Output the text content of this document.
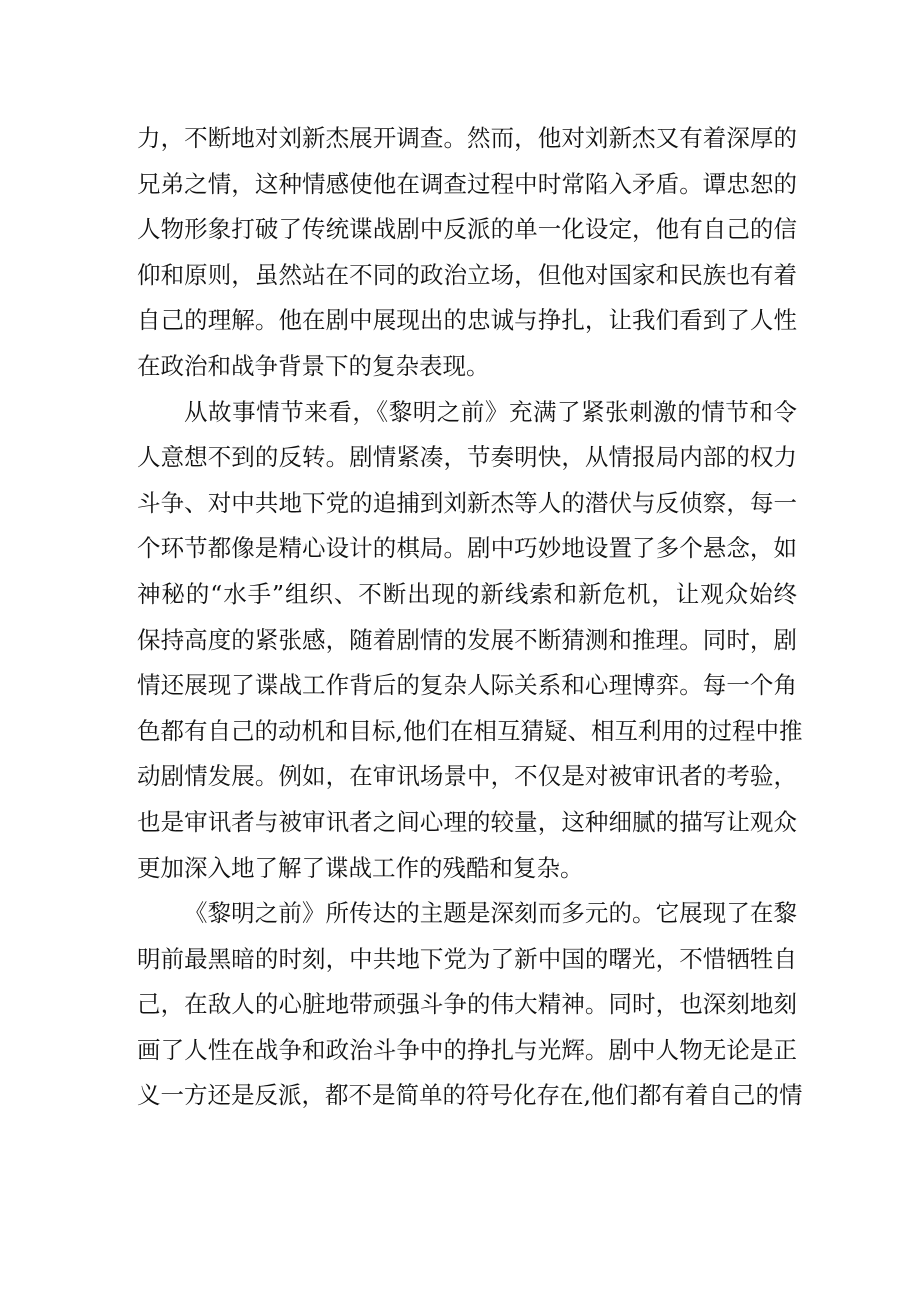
力，不断地对刘新杰展开调查。然而，他对刘新杰又有着深厚的
兄弟之情，这种情感使他在调查过程中时常陷入矛盾。谭忠恕的
人物形象打破了传统谍战剧中反派的单一化设定，他有自己的信
仰和原则，虽然站在不同的政治立场，但他对国家和民族也有着
自己的理解。他在剧中展现出的忠诚与挣扎，让我们看到了人性
在政治和战争背景下的复杂表现。
从故事情节来看，《黎明之前》充满了紧张刺激的情节和令
人意想不到的反转。剧情紧凑，节奏明快，从情报局内部的权力
斗争、对中共地下党的追捕到刘新杰等人的潜伏与反侦察，每一
个环节都像是精心设计的棋局。剧中巧妙地设置了多个悬念，如
神秘的“水手”组织、不断出现的新线索和新危机，让观众始终
保持高度的紧张感，随着剧情的发展不断猜测和推理。同时，剧
情还展现了谍战工作背后的复杂人际关系和心理博弈。每一个角
色都有自己的动机和目标,他们在相互猜疑、相互利用的过程中推
动剧情发展。例如，在审讯场景中，不仅是对被审讯者的考验，
也是审讯者与被审讯者之间心理的较量，这种细腻的描写让观众
更加深入地了解了谍战工作的残酷和复杂。
《黎明之前》所传达的主题是深刻而多元的。它展现了在黎
明前最黑暗的时刻，中共地下党为了新中国的曙光，不惜牺牲自
己，在敌人的心脏地带顽强斗争的伟大精神。同时，也深刻地刻
画了人性在战争和政治斗争中的挣扎与光辉。剧中人物无论是正
义一方还是反派，都不是简单的符号化存在,他们都有着自己的情
